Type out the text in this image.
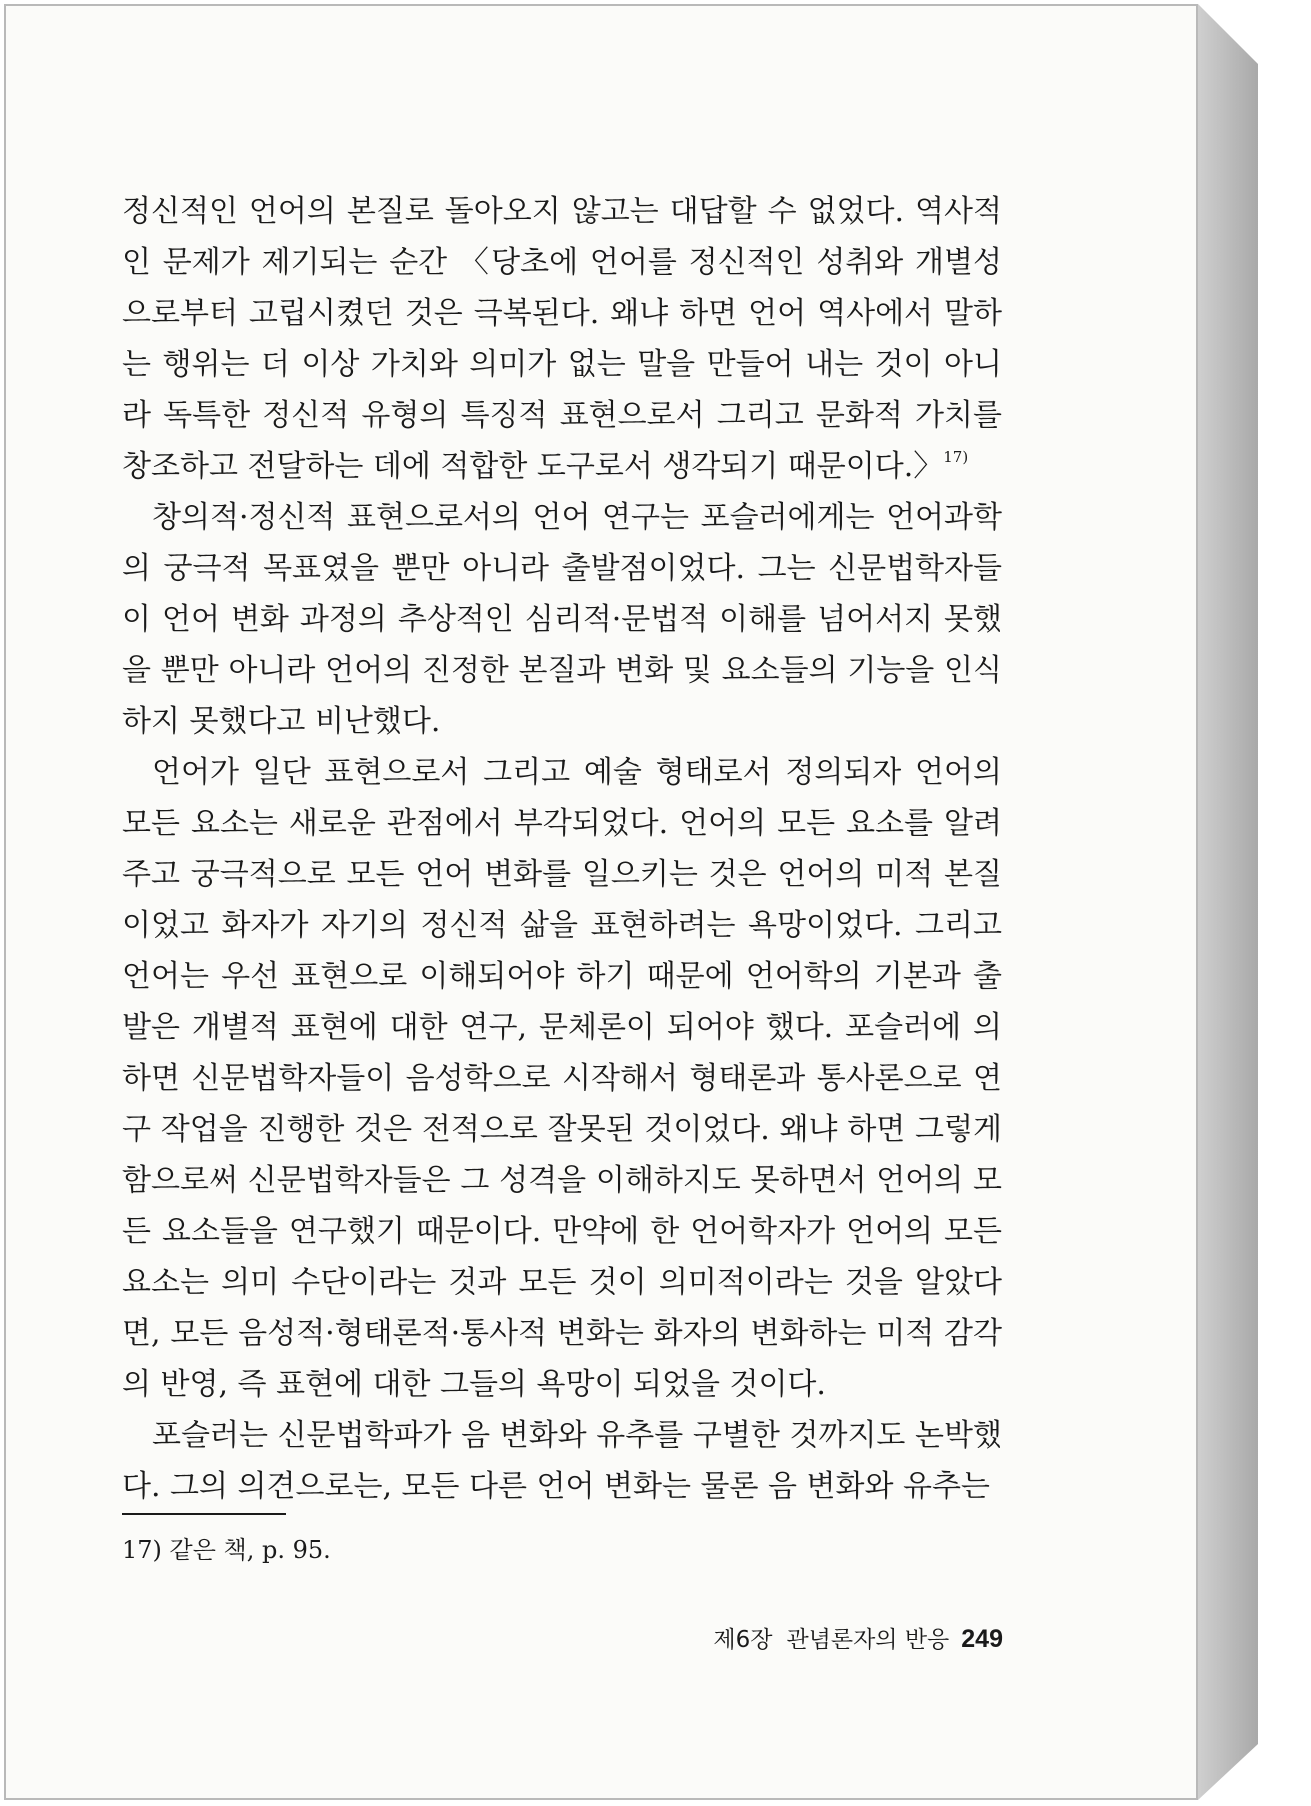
정신적인 언어의 본질로 돌아오지 않고는 대답할 수 없었다. 역사적인 문제가 제기되는 순간 〈당초에 언어를 정신적인 성취와 개별성으로부터 고립시켰던 것은 극복된다. 왜냐 하면 언어 역사에서 말하는 행위는 더 이상 가치와 의미가 없는 말을 만들어 내는 것이 아니라 독특한 정신적 유형의 특징적 표현으로서 그리고 문화적 가치를 창조하고 전달하는 데에 적합한 도구로서 생각되기 때문이다.〉$^{17)}$

창의적·정신적 표현으로서의 언어 연구는 포슬러에게는 언어과학의 궁극적 목표였을 뿐만 아니라 출발점이었다. 그는 신문법학자들이 언어 변화 과정의 추상적인 심리적·문법적 이해를 넘어서지 못했을 뿐만 아니라 언어의 진정한 본질과 변화 및 요소들의 기능을 인식하지 못했다고 비난했다.

언어가 일단 표현으로서 그리고 예술 형태로서 정의되자 언어의 모든 요소는 새로운 관점에서 부각되었다. 언어의 모든 요소를 알려주고 궁극적으로 모든 언어 변화를 일으키는 것은 언어의 미적 본질이었고 화자가 자기의 정신적 삶을 표현하려는 욕망이었다. 그리고 언어는 우선 표현으로 이해되어야 하기 때문에 언어학의 기본과 출발은 개별적 표현에 대한 연구, 문체론이 되어야 했다. 포슬러에 의하면 신문법학자들이 음성학으로 시작해서 형태론과 통사론으로 연구 작업을 진행한 것은 전적으로 잘못된 것이었다. 왜냐 하면 그렇게 함으로써 신문법학자들은 그 성격을 이해하지도 못하면서 언어의 모든 요소들을 연구했기 때문이다. 만약에 한 언어학자가 언어의 모든 요소는 의미 수단이라는 것과 모든 것이 의미적이라는 것을 알았다면, 모든 음성적·형태론적·통사적 변화는 화자의 변화하는 미적 감각의 반영, 즉 표현에 대한 그들의 욕망이 되었을 것이다.

포슬러는 신문법학파가 음 변화와 유추를 구별한 것까지도 논박했다. 그의 의견으로는, 모든 다른 언어 변화는 물론 음 변화와 유추는

17) 같은 책, p. 95.
제6장 관념론자의 반응 249
